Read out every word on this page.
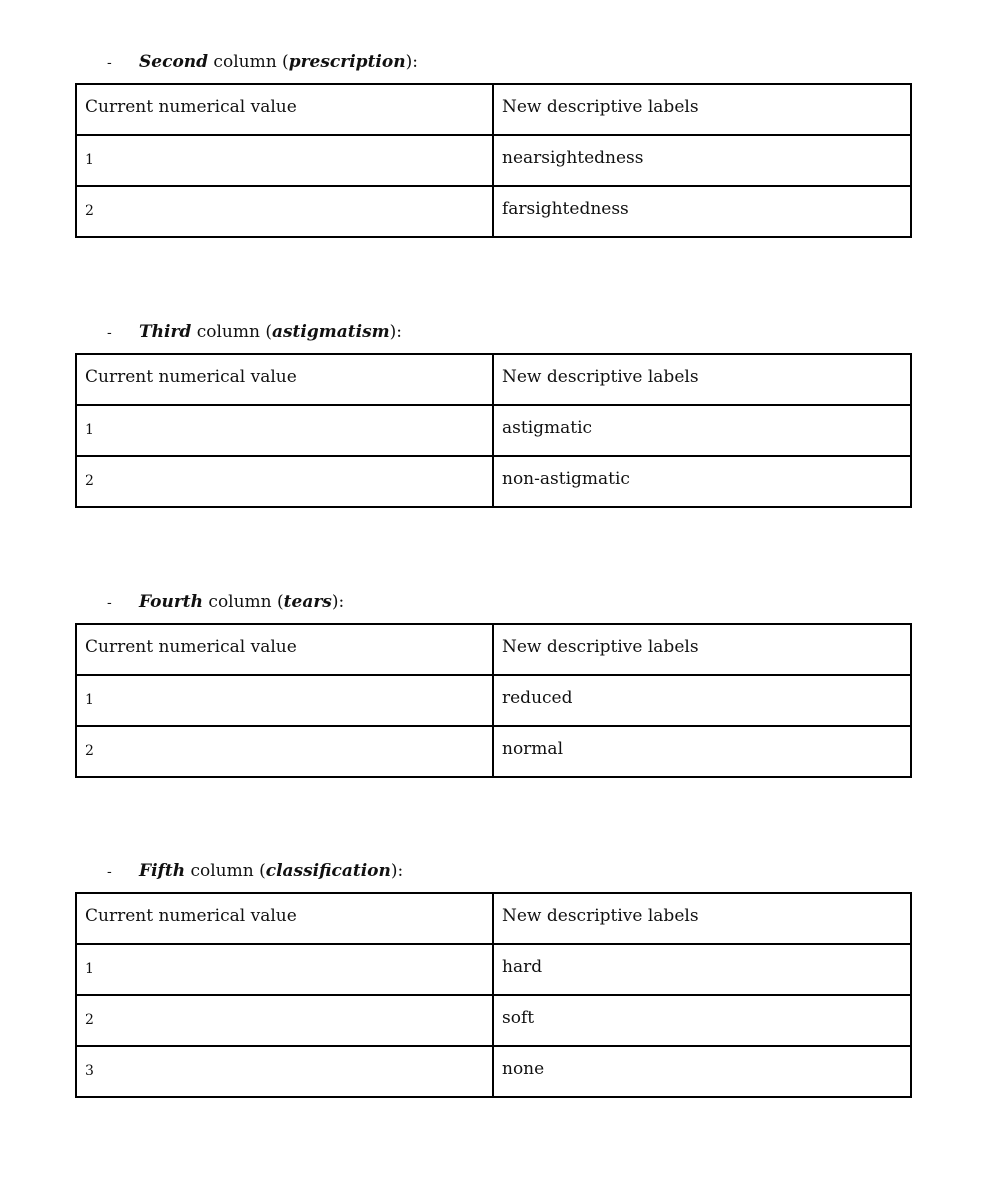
- Second column (prescription):
Current numerical value	New descriptive labels
1	nearsightedness
2	farsightedness
- Third column (astigmatism):
Current numerical value	New descriptive labels
1	astigmatic
2	non-astigmatic
- Fourth column (tears):
Current numerical value	New descriptive labels
1	reduced
2	normal
- Fifth column (classification):
Current numerical value	New descriptive labels
1	hard
2	soft
3	none
